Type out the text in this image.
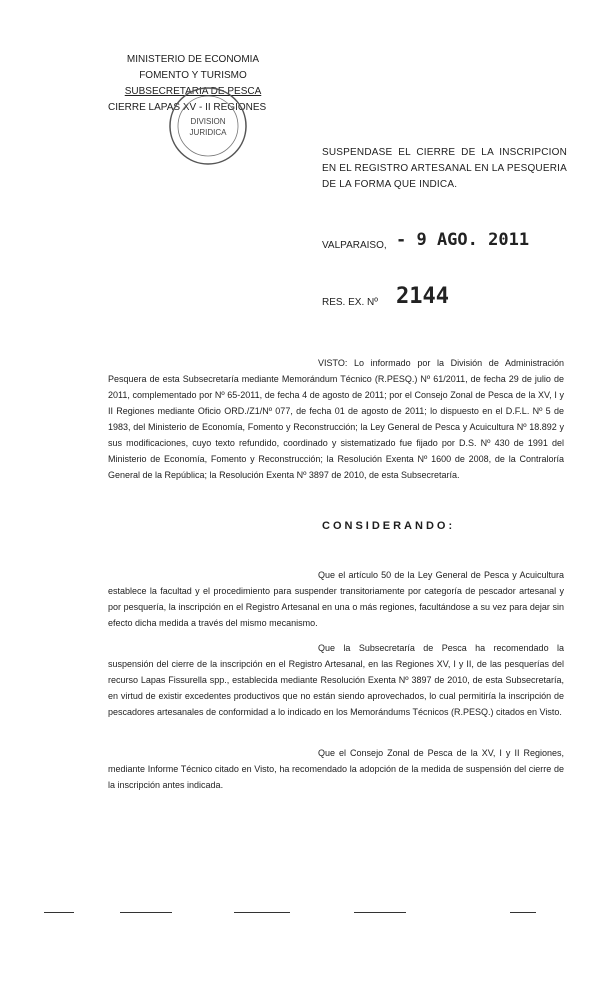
MINISTERIO DE ECONOMIA
FOMENTO Y TURISMO
SUBSECRETARIA DE PESCA
CIERRE LAPAS XV - II REGIONES
DIVISION
JURIDICA
SUSPENDASE EL CIERRE DE LA INSCRIPCION EN EL REGISTRO ARTESANAL EN LA PESQUERIA DE LA FORMA QUE INDICA.
VALPARAISO, - 9 AGO. 2011
RES. EX. Nº 2144
VISTO: Lo informado por la División de Administración Pesquera de esta Subsecretaría mediante Memorándum Técnico (R.PESQ.) Nº 61/2011, de fecha 29 de julio de 2011, complementado por Nº 65-2011, de fecha 4 de agosto de 2011; por el Consejo Zonal de Pesca de la XV, I y II Regiones mediante Oficio ORD./Z1/Nº 077, de fecha 01 de agosto de 2011; lo dispuesto en el D.F.L. Nº 5 de 1983, del Ministerio de Economía, Fomento y Reconstrucción; la Ley General de Pesca y Acuicultura Nº 18.892 y sus modificaciones, cuyo texto refundido, coordinado y sistematizado fue fijado por D.S. Nº 430 de 1991 del Ministerio de Economía, Fomento y Reconstrucción; la Resolución Exenta Nº 1600 de 2008, de la Contraloría General de la República; la Resolución Exenta Nº 3897 de 2010, de esta Subsecretaría.
CONSIDERANDO:
Que el artículo 50 de la Ley General de Pesca y Acuicultura establece la facultad y el procedimiento para suspender transitoriamente por categoría de pescador artesanal y por pesquería, la inscripción en el Registro Artesanal en una o más regiones, facultándose a su vez para dejar sin efecto dicha medida a través del mismo mecanismo.
Que la Subsecretaría de Pesca ha recomendado la suspensión del cierre de la inscripción en el Registro Artesanal, en las Regiones XV, I y II, de las pesquerías del recurso Lapas Fissurella spp., establecida mediante Resolución Exenta Nº 3897 de 2010, de esta Subsecretaría, en virtud de existir excedentes productivos que no están siendo aprovechados, lo cual permitiría la inscripción de pescadores artesanales de conformidad a lo indicado en los Memorándums Técnicos (R.PESQ.) citados en Visto.
Que el Consejo Zonal de Pesca de la XV, I y II Regiones, mediante Informe Técnico citado en Visto, ha recomendado la adopción de la medida de suspensión del cierre de la inscripción antes indicada.
